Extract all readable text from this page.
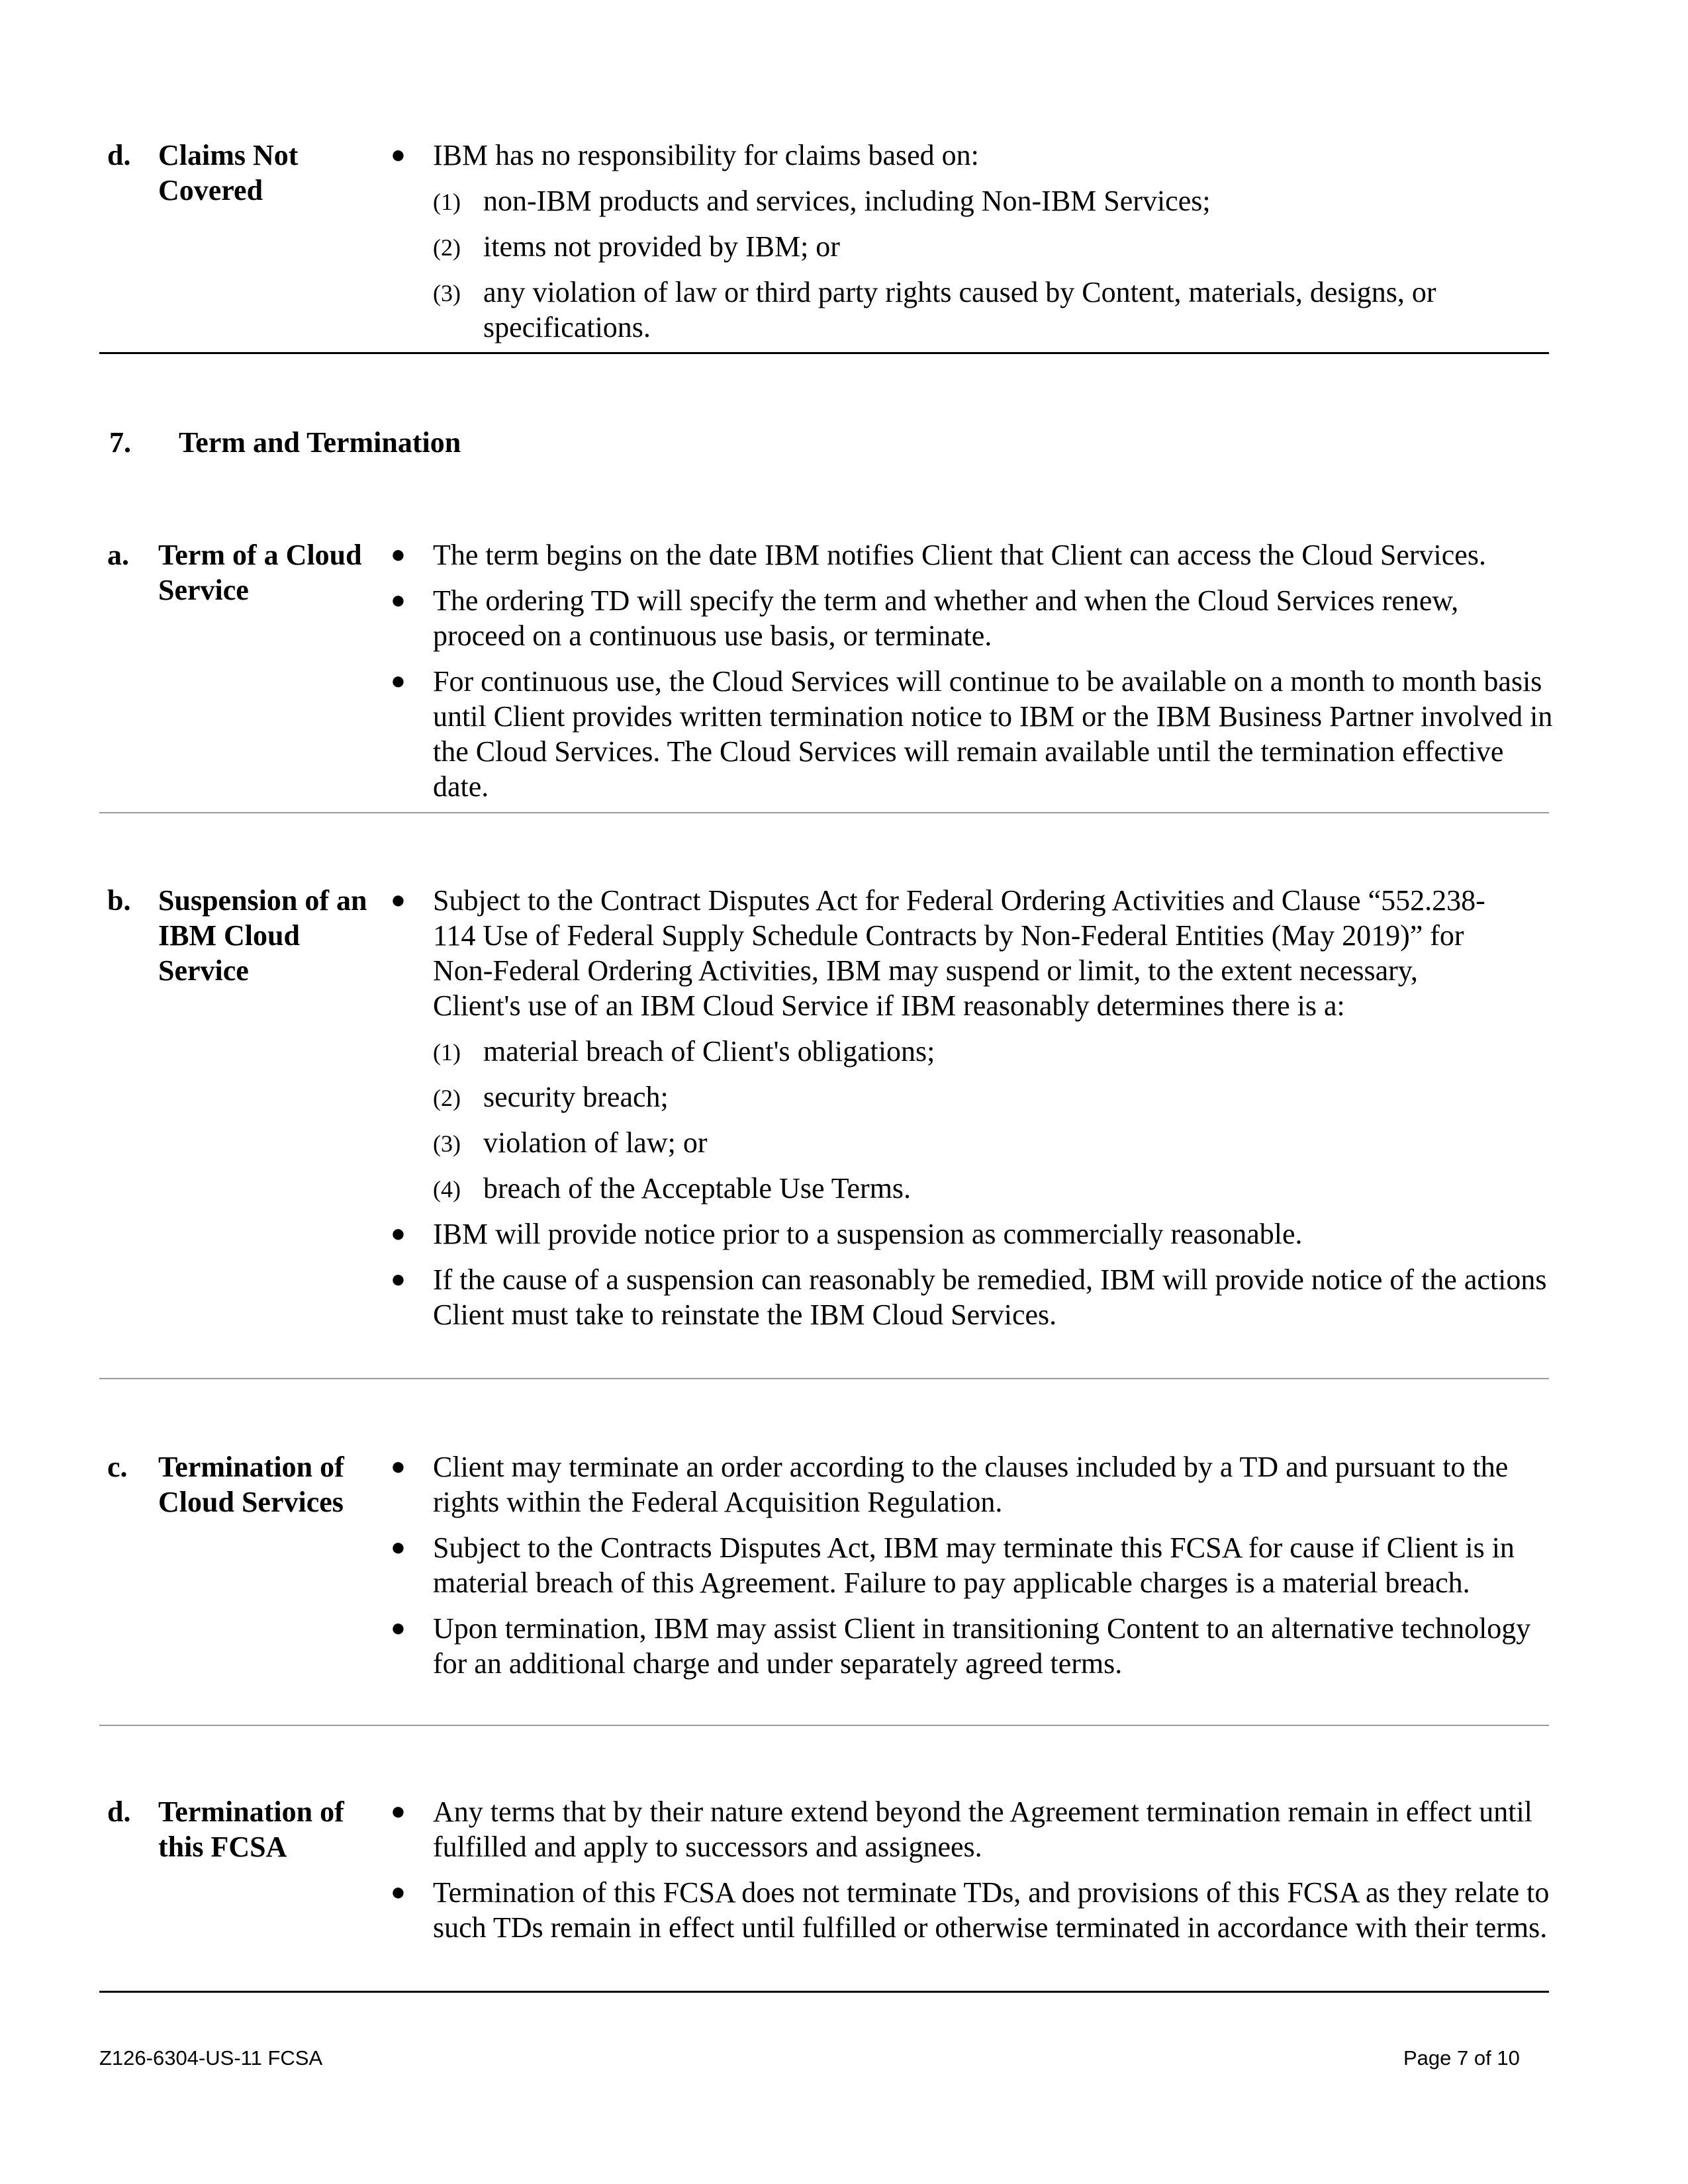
d. Claims Not Covered
● IBM has no responsibility for claims based on:
(1) non-IBM products and services, including Non-IBM Services;
(2) items not provided by IBM; or
(3) any violation of law or third party rights caused by Content, materials, designs, or specifications.
7. Term and Termination
a. Term of a Cloud Service
● The term begins on the date IBM notifies Client that Client can access the Cloud Services.
● The ordering TD will specify the term and whether and when the Cloud Services renew, proceed on a continuous use basis, or terminate.
● For continuous use, the Cloud Services will continue to be available on a month to month basis until Client provides written termination notice to IBM or the IBM Business Partner involved in the Cloud Services. The Cloud Services will remain available until the termination effective date.
b. Suspension of an IBM Cloud Service
● Subject to the Contract Disputes Act for Federal Ordering Activities and Clause “552.238-114 Use of Federal Supply Schedule Contracts by Non-Federal Entities (May 2019)” for Non-Federal Ordering Activities, IBM may suspend or limit, to the extent necessary, Client's use of an IBM Cloud Service if IBM reasonably determines there is a:
(1) material breach of Client's obligations;
(2) security breach;
(3) violation of law; or
(4) breach of the Acceptable Use Terms.
● IBM will provide notice prior to a suspension as commercially reasonable.
● If the cause of a suspension can reasonably be remedied, IBM will provide notice of the actions Client must take to reinstate the IBM Cloud Services.
c. Termination of Cloud Services
● Client may terminate an order according to the clauses included by a TD and pursuant to the rights within the Federal Acquisition Regulation.
● Subject to the Contracts Disputes Act, IBM may terminate this FCSA for cause if Client is in material breach of this Agreement. Failure to pay applicable charges is a material breach.
● Upon termination, IBM may assist Client in transitioning Content to an alternative technology for an additional charge and under separately agreed terms.
d. Termination of this FCSA
● Any terms that by their nature extend beyond the Agreement termination remain in effect until fulfilled and apply to successors and assignees.
● Termination of this FCSA does not terminate TDs, and provisions of this FCSA as they relate to such TDs remain in effect until fulfilled or otherwise terminated in accordance with their terms.
Z126-6304-US-11 FCSA	Page 7 of 10
